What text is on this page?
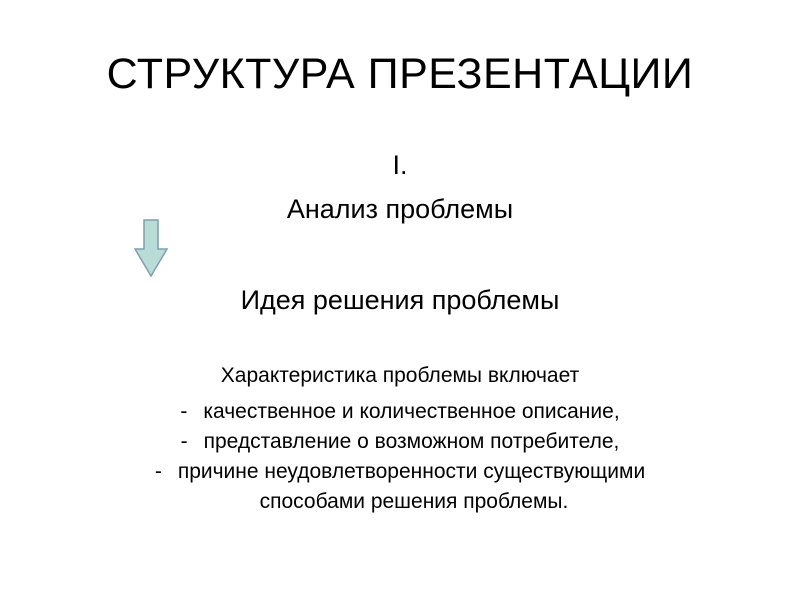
СТРУКТУРА ПРЕЗЕНТАЦИИ
I.
Анализ проблемы
Идея решения проблемы
Характеристика проблемы включает
- качественное и количественное описание,
- представление о возможном потребителе,
- причине неудовлетворенности существующими
способами решения проблемы.
